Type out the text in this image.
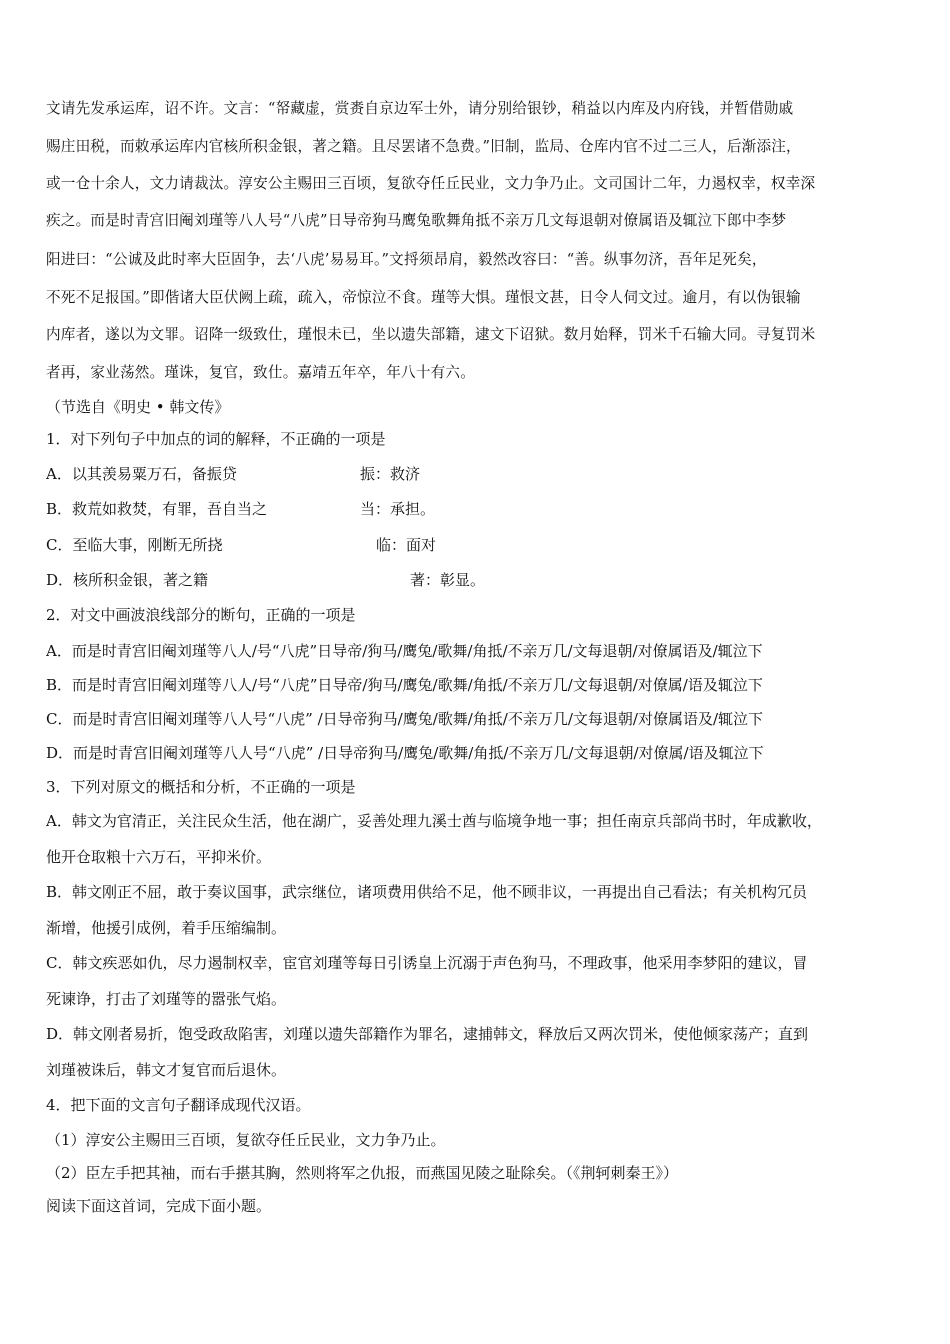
文请先发承运库，诏不许。文言：“帑藏虚，赏赉自京边军士外，请分别给银钞，稍益以内库及内府钱，并暂借勋戚
赐庄田税，而敕承运库内官核所积金银，著之籍。且尽罢诸不急费。”旧制，监局、仓库内官不过二三人，后渐添注，
或一仓十余人，文力请裁汰。淳安公主赐田三百顷，复欲夺任丘民业，文力争乃止。文司国计二年，力遏权幸，权幸深
疾之。而是时青宫旧阉刘瑾等八人号“八虎”日导帝狗马鹰兔歌舞角抵不亲万几文每退朝对僚属语及辄泣下郎中李梦
阳进曰：“公诚及此时率大臣固争，去‘八虎’易易耳。”文捋须昂肩，毅然改容曰：“善。纵事勿济，吾年足死矣，
不死不足报国。”即偕诸大臣伏阙上疏，疏入，帝惊泣不食。瑾等大惧。瑾恨文甚，日令人伺文过。逾月，有以伪银输
内库者，遂以为文罪。诏降一级致仕，瑾恨未已，坐以遗失部籍，逮文下诏狱。数月始释，罚米千石输大同。寻复罚米
者再，家业荡然。瑾诛，复官，致仕。嘉靖五年卒，年八十有六。
（节选自《明史 • 韩文传》
1．对下列句子中加点的词的解释，不正确的一项是
A．以其羡易粟万石，备振贷	振：救济
B．救荒如救焚，有罪，吾自当之	当：承担。
C．至临大事，刚断无所挠	临：面对
D．核所积金银，著之籍	著：彰显。
2．对文中画波浪线部分的断句，正确的一项是
A．而是时青宫旧阉刘瑾等八人/号“八虎”日导帝/狗马/鹰兔/歌舞/角抵/不亲万几/文每退朝/对僚属语及/辄泣下
B．而是时青宫旧阉刘瑾等八人/号“八虎”日导帝/狗马/鹰兔/歌舞/角抵/不亲万几/文每退朝/对僚属/语及辄泣下
C．而是时青宫旧阉刘瑾等八人号“八虎” /日导帝狗马/鹰兔/歌舞/角抵/不亲万几/文每退朝/对僚属语及/辄泣下
D．而是时青宫旧阉刘瑾等八人号“八虎” /日导帝狗马/鹰兔/歌舞/角抵/不亲万几/文每退朝/对僚属/语及辄泣下
3．下列对原文的概括和分析，不正确的一项是
A．韩文为官清正，关注民众生活，他在湖广，妥善处理九溪士酋与临境争地一事；担任南京兵部尚书时，年成歉收，
他开仓取粮十六万石，平抑米价。
B．韩文刚正不屈，敢于奏议国事，武宗继位，诸项费用供给不足，他不顾非议，一再提出自己看法；有关机构冗员
渐增，他援引成例，着手压缩编制。
C．韩文疾恶如仇，尽力遏制权幸，宦官刘瑾等每日引诱皇上沉溺于声色狗马，不理政事，他采用李梦阳的建议，冒
死谏诤，打击了刘瑾等的嚣张气焰。
D．韩文刚者易折，饱受政敌陷害，刘瑾以遗失部籍作为罪名，逮捕韩文，释放后又两次罚米，使他倾家荡产；直到
刘瑾被诛后，韩文才复官而后退休。
4．把下面的文言句子翻译成现代汉语。
（1）淳安公主赐田三百顷，复欲夺任丘民业，文力争乃止。
（2）臣左手把其袖，而右手揕其胸，然则将军之仇报，而燕国见陵之耻除矣。（《荆轲刺秦王》）
阅读下面这首词，完成下面小题。
